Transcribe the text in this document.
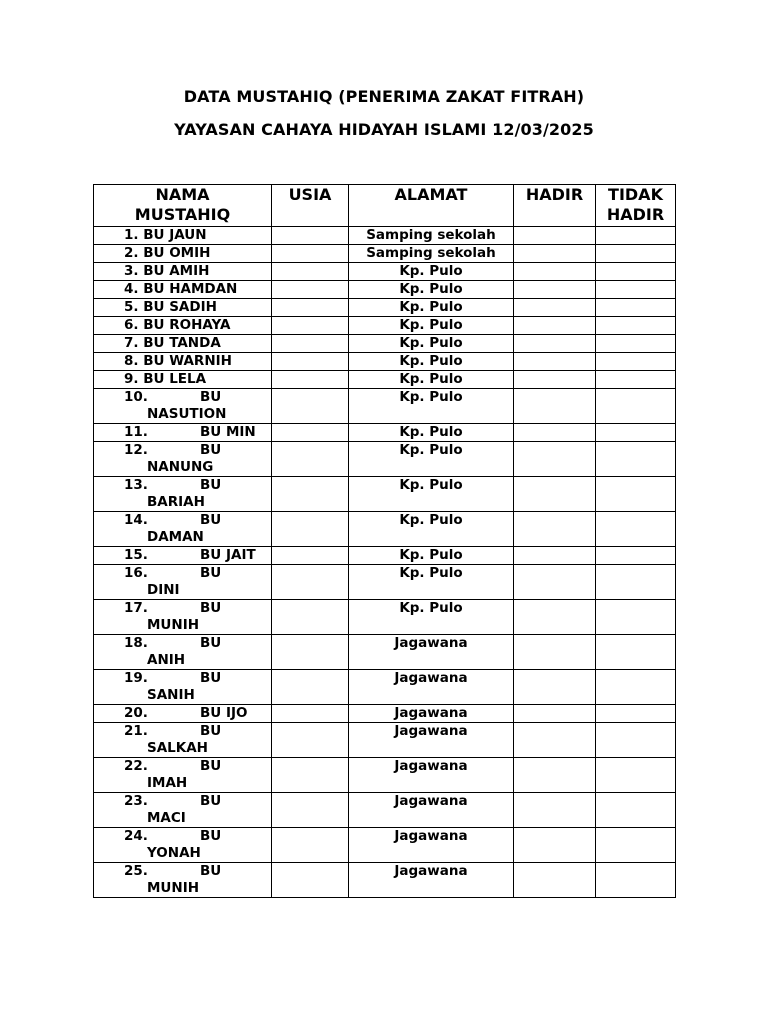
DATA MUSTAHIQ (PENERIMA ZAKAT FITRAH)
YAYASAN CAHAYA HIDAYAH ISLAMI 12/03/2025
NAMA
MUSTAHIQ	USIA	ALAMAT	HADIR	TIDAK
HADIR
1. BU JAUN		Samping sekolah		
2. BU OMIH		Samping sekolah		
3. BU AMIH		Kp. Pulo		
4. BU HAMDAN		Kp. Pulo		
5. BU SADIH		Kp. Pulo		
6. BU ROHAYA		Kp. Pulo		
7. BU TANDA		Kp. Pulo		
8. BU WARNIH		Kp. Pulo		
9. BU LELA		Kp. Pulo		
10. BU
NASUTION		Kp. Pulo		
11. BU MIN		Kp. Pulo		
12. BU
NANUNG		Kp. Pulo		
13. BU
BARIAH		Kp. Pulo		
14. BU
DAMAN		Kp. Pulo		
15. BU JAIT		Kp. Pulo		
16. BU
DINI		Kp. Pulo		
17. BU
MUNIH		Kp. Pulo		
18. BU
ANIH		Jagawana		
19. BU
SANIH		Jagawana		
20. BU IJO		Jagawana		
21. BU
SALKAH		Jagawana		
22. BU
IMAH		Jagawana		
23. BU
MACI		Jagawana		
24. BU
YONAH		Jagawana		
25. BU
MUNIH		Jagawana		
